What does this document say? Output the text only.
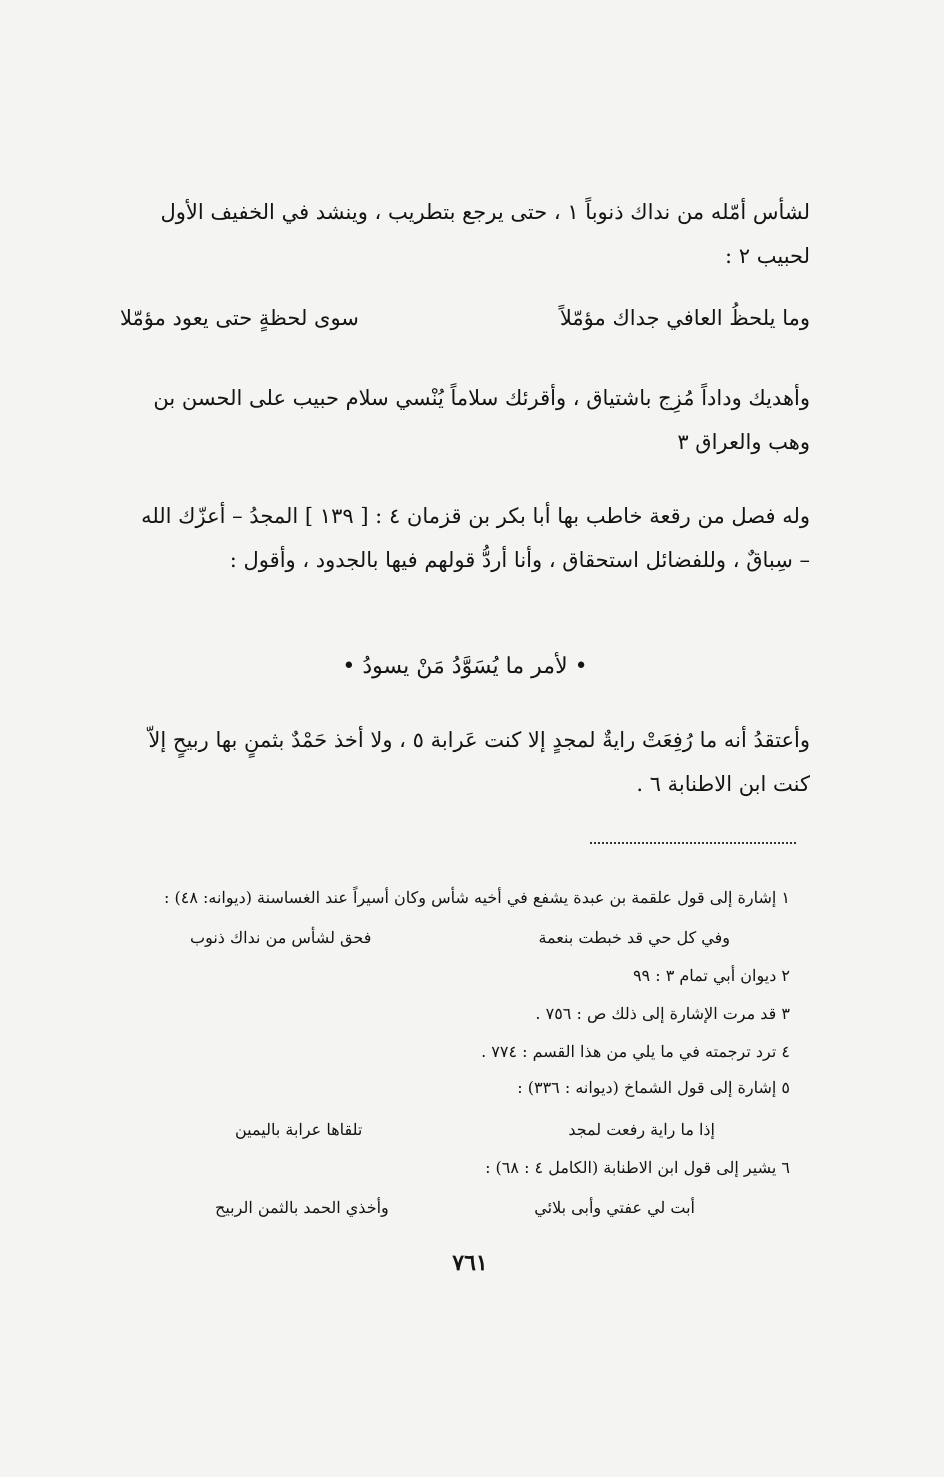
لشأس أمّله من نداك ذنوباً ١ ، حتى يرجع بتطريب ، وينشد في الخفيف الأول لحبيب ٢ :
وما يلحظُ العافي جداك مؤمّلاً
سوى لحظةٍ حتى يعود مؤمّلا
وأهديك وداداً مُزِج باشتياق ، وأقرئك سلاماً يُنْسي سلام حبيب على الحسن بن وهب والعراق ٣
وله فصل من رقعة خاطب بها أبا بكر بن قزمان ٤ : [ ١٣٩ ] المجدُ – أعزّك الله – سِباقٌ ، وللفضائل استحقاق ، وأنا أردُّ قولهم فيها بالجدود ، وأقول :
• لأمر ما يُسَوَّدُ مَنْ يسودُ •
وأعتقدُ أنه ما رُفِعَتْ رايةٌ لمجدٍ إلا كنت عَرابة ٥ ، ولا أخذ حَمْدٌ بثمنٍ بها ربيحٍ إلاّ كنت ابن الاطنابة ٦ .
١ إشارة إلى قول علقمة بن عبدة يشفع في أخيه شأس وكان أسيراً عند الغساسنة (ديوانه: ٤٨) :
وفي كل حي قد خبطت بنعمة
فحق لشأس من نداك ذنوب
٢ ديوان أبي تمام ٣ : ٩٩
٣ قد مرت الإشارة إلى ذلك ص : ٧٥٦ .
٤ ترد ترجمته في ما يلي من هذا القسم : ٧٧٤ .
٥ إشارة إلى قول الشماخ (ديوانه : ٣٣٦) :
إذا ما راية رفعت لمجد
تلقاها عرابة باليمين
٦ يشير إلى قول ابن الاطنابة (الكامل ٤ : ٦٨) :
أبت لي عفتي وأبى بلائي
وأخذي الحمد بالثمن الربيح
٧٦١
